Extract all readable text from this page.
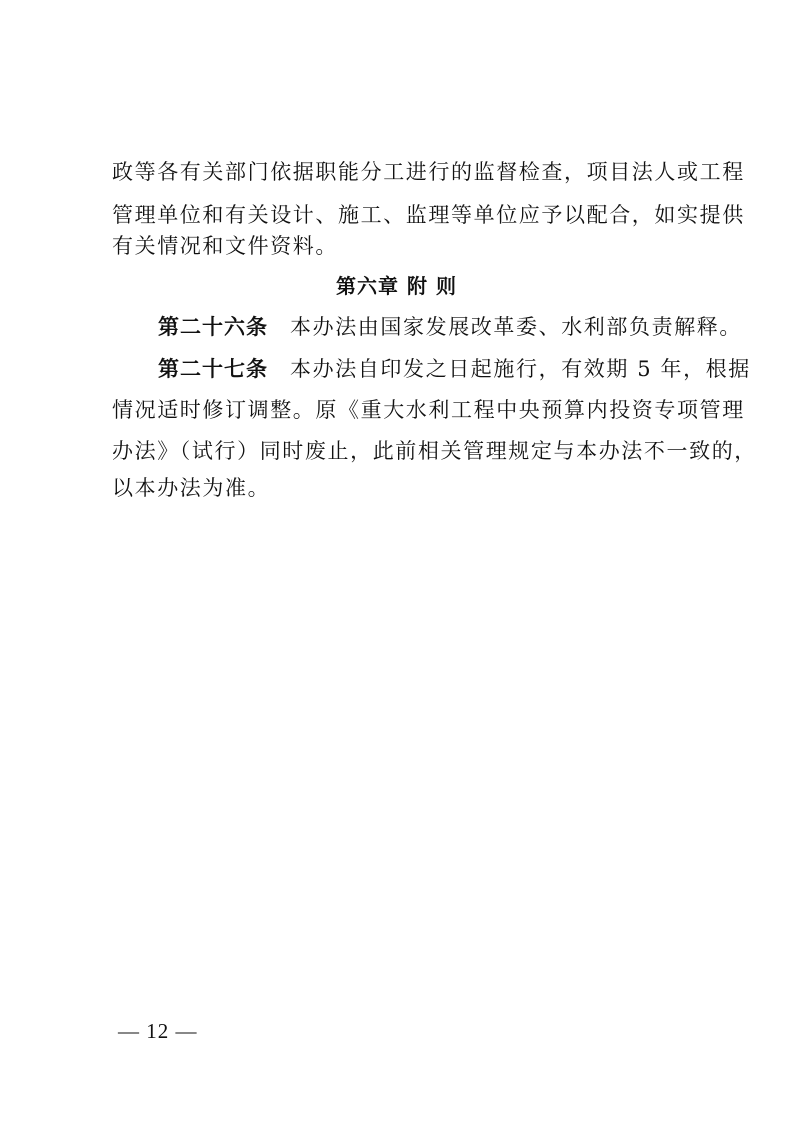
政等各有关部门依据职能分工进行的监督检查，项目法人或工程
管理单位和有关设计、施工、监理等单位应予以配合，如实提供
有关情况和文件资料。
第六章 附 则
第二十六条 本办法由国家发展改革委、水利部负责解释。
第二十七条 本办法自印发之日起施行，有效期 5 年，根据
情况适时修订调整。原《重大水利工程中央预算内投资专项管理
办法》（试行）同时废止，此前相关管理规定与本办法不一致的，
以本办法为准。
— 12 —
